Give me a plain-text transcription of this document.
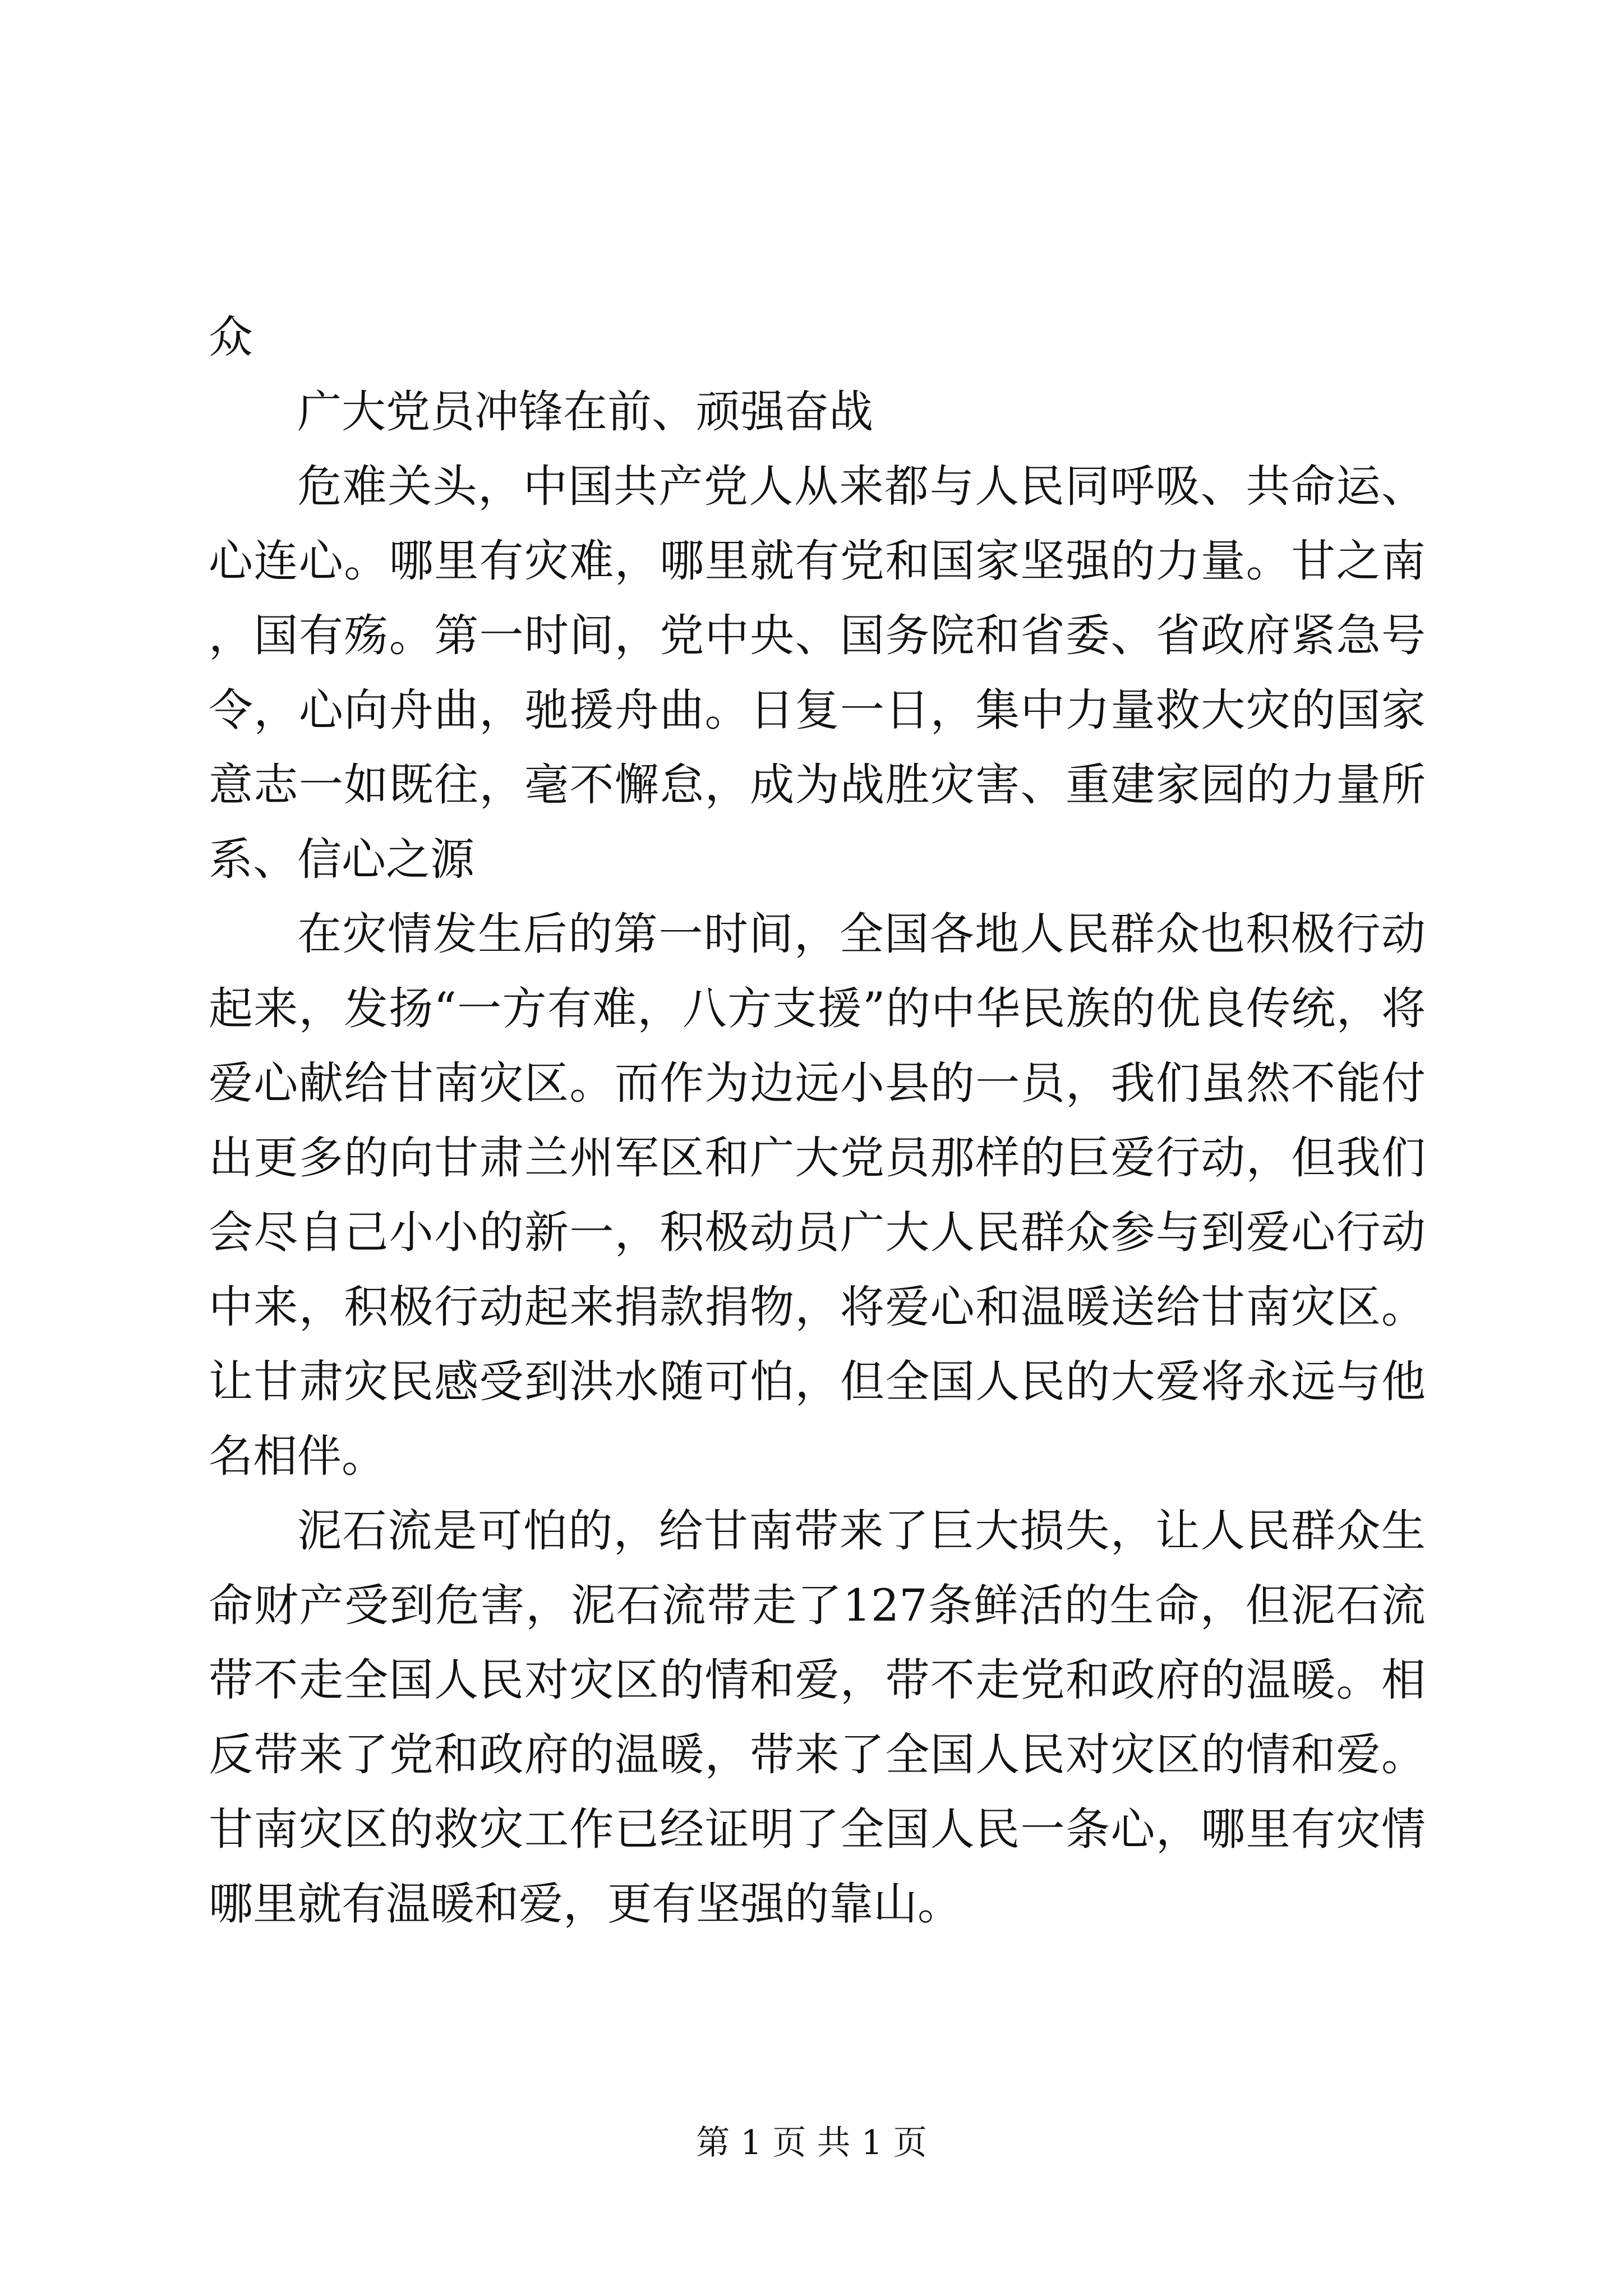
众

广大党员冲锋在前、顽强奋战

危难关头，中国共产党人从来都与人民同呼吸、共命运、心连心。哪里有灾难，哪里就有党和国家坚强的力量。甘之南，国有殇。第一时间，党中央、国务院和省委、省政府紧急号令，心向舟曲，驰援舟曲。日复一日，集中力量救大灾的国家意志一如既往，毫不懈怠，成为战胜灾害、重建家园的力量所系、信心之源

在灾情发生后的第一时间，全国各地人民群众也积极行动起来，发扬“一方有难，八方支援”的中华民族的优良传统，将爱心献给甘南灾区。而作为边远小县的一员，我们虽然不能付出更多的向甘肃兰州军区和广大党员那样的巨爱行动，但我们会尽自己小小的新一，积极动员广大人民群众参与到爱心行动中来，积极行动起来捐款捐物，将爱心和温暖送给甘南灾区。让甘肃灾民感受到洪水随可怕，但全国人民的大爱将永远与他名相伴。

泥石流是可怕的，给甘南带来了巨大损失，让人民群众生命财产受到危害，泥石流带走了127条鲜活的生命，但泥石流带不走全国人民对灾区的情和爱，带不走党和政府的温暖。相反带来了党和政府的温暖，带来了全国人民对灾区的情和爱。甘南灾区的救灾工作已经证明了全国人民一条心，哪里有灾情哪里就有温暖和爱，更有坚强的靠山。

第 1 页 共 1 页
